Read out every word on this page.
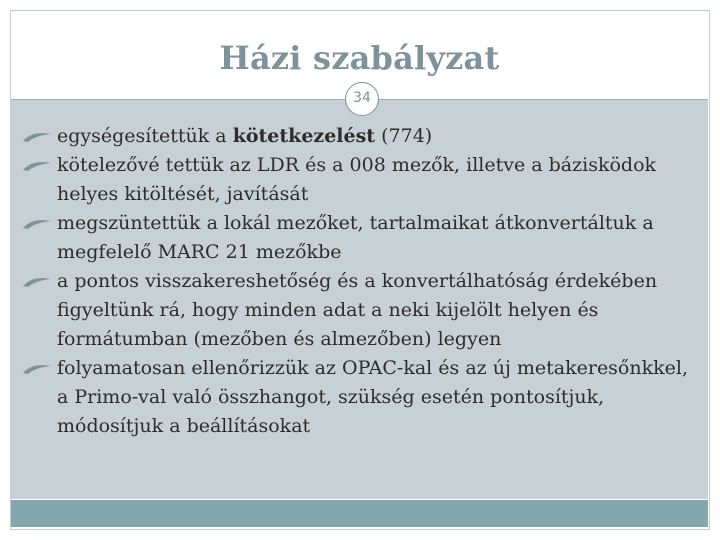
Házi szabályzat
34
egységesítettük a kötetkezelést (774)
kötelezővé tettük az LDR és a 008 mezők, illetve a bázisködok helyes kitöltését, javítását
megszüntettük a lokál mezőket, tartalmaikat átkonvertáltuk a megfelelő MARC 21 mezőkbe
a pontos visszakereshetőség és a konvertálhatóság érdekében figyeltünk rá, hogy minden adat a neki kijelölt helyen és formátumban (mezőben és almezőben) legyen
folyamatosan ellenőrizzük az OPAC-kal és az új metakeresőnkkel, a Primo-val való összhangot, szükség esetén pontosítjuk, módosítjuk a beállításokat
